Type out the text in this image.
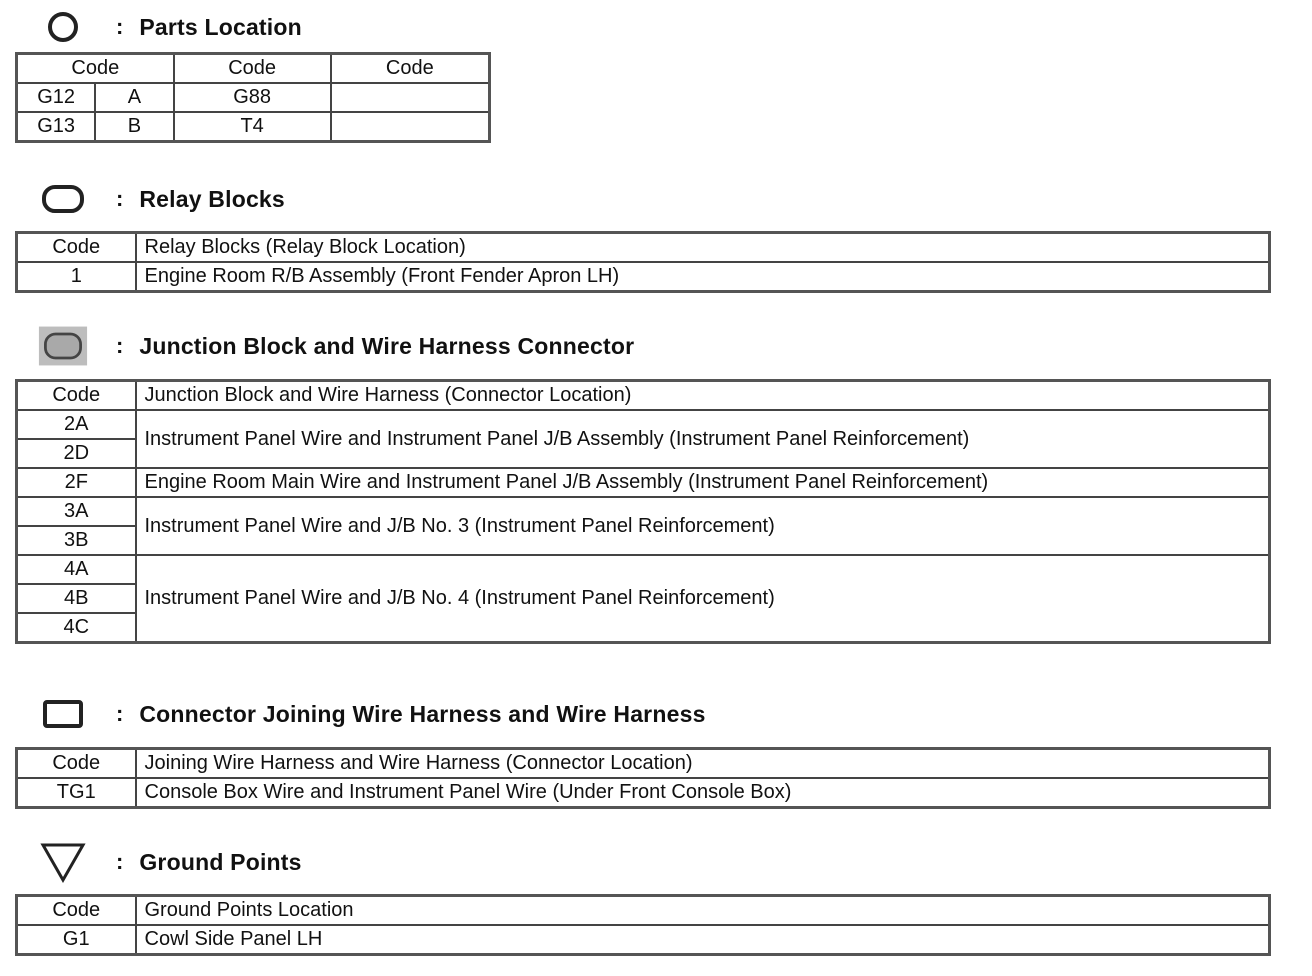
: Parts Location
Code		Code	Code
G12	A	G88	
G13	B	T4	
: Relay Blocks
Code	Relay Blocks (Relay Block Location)
1	Engine Room R/B Assembly (Front Fender Apron LH)
: Junction Block and Wire Harness Connector
Code	Junction Block and Wire Harness (Connector Location)
2A	Instrument Panel Wire and Instrument Panel J/B Assembly (Instrument Panel Reinforcement)
2D	
2F	Engine Room Main Wire and Instrument Panel J/B Assembly (Instrument Panel Reinforcement)
3A	Instrument Panel Wire and J/B No. 3 (Instrument Panel Reinforcement)
3B	
4A	Instrument Panel Wire and J/B No. 4 (Instrument Panel Reinforcement)
4B	
4C	
: Connector Joining Wire Harness and Wire Harness
Code	Joining Wire Harness and Wire Harness (Connector Location)
TG1	Console Box Wire and Instrument Panel Wire (Under Front Console Box)
: Ground Points
Code	Ground Points Location
G1	Cowl Side Panel LH
